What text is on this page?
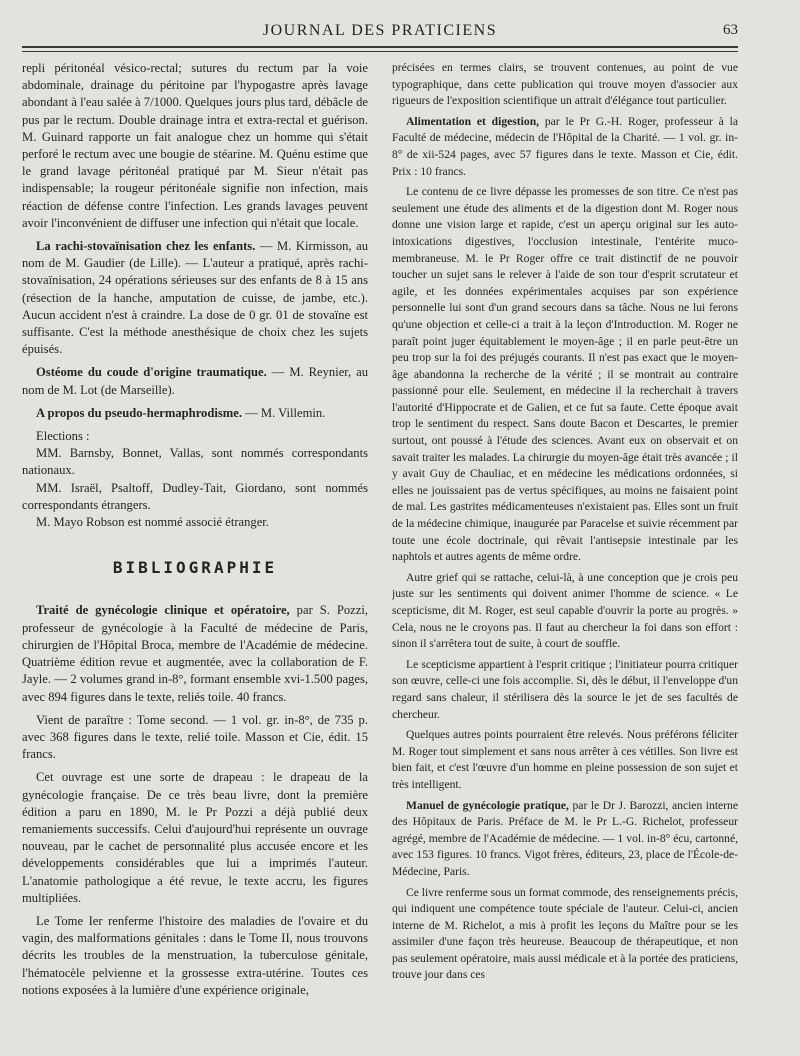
JOURNAL DES PRATICIENS	63

repli péritonéal vésico-rectal; sutures du rectum par la voie abdominale, drainage du péritoine par l'hypogastre après lavage abondant à l'eau salée à 7/1000. Quelques jours plus tard, débâcle de pus par le rectum. Double drainage intra et extra-rectal et guérison. M. Guinard rapporte un fait analogue chez un homme qui s'était perforé le rectum avec une bougie de stéarine. M. Quénu estime que le grand lavage péritonéal pratiqué par M. Sieur n'était pas indispensable; la rougeur péritonéale signifie non infection, mais réaction de défense contre l'infection. Les grands lavages peuvent avoir l'inconvénient de diffuser une infection qui n'était que locale.

La rachi-stovaïnisation chez les enfants. — M. Kirmisson, au nom de M. Gaudier (de Lille). — L'auteur a pratiqué, après rachi-stovaïnisation, 24 opérations sérieuses sur des enfants de 8 à 15 ans (résection de la hanche, amputation de cuisse, de jambe, etc.). Aucun accident n'est à craindre. La dose de 0 gr. 01 de stovaïne est suffisante. C'est la méthode anesthésique de choix chez les sujets épuisés.

Ostéome du coude d'origine traumatique. — M. Reynier, au nom de M. Lot (de Marseille).

A propos du pseudo-hermaphrodisme. — M. Villemin.

Elections :

MM. Barnsby, Bonnet, Vallas, sont nommés correspondants nationaux.

MM. Israël, Psaltoff, Dudley-Tait, Giordano, sont nommés correspondants étrangers.

M. Mayo Robson est nommé associé étranger.

BIBLIOGRAPHIE

Traité de gynécologie clinique et opératoire, par S. Pozzi, professeur de gynécologie à la Faculté de médecine de Paris, chirurgien de l'Hôpital Broca, membre de l'Académie de médecine. Quatrième édition revue et augmentée, avec la collaboration de F. Jayle. — 2 volumes grand in-8°, formant ensemble xvi-1.500 pages, avec 894 figures dans le texte, reliés toile. 40 francs.

Vient de paraître : Tome second. — 1 vol. gr. in-8°, de 735 p. avec 368 figures dans le texte, relié toile. Masson et Cie, édit. 15 francs.

Cet ouvrage est une sorte de drapeau : le drapeau de la gynécologie française. De ce très beau livre, dont la première édition a paru en 1890, M. le Pr Pozzi a déjà publié deux remaniements successifs. Celui d'aujourd'hui représente un ouvrage nouveau, par le cachet de personnalité plus accusée encore et les développements considérables que lui a imprimés l'auteur. L'anatomie pathologique a été revue, le texte accru, les figures multipliées.

Le Tome Ier renferme l'histoire des maladies de l'ovaire et du vagin, des malformations génitales : dans le Tome II, nous trouvons décrits les troubles de la menstruation, la tuberculose génitale, l'hématocèle pelvienne et la grossesse extra-utérine. Toutes ces notions exposées à la lumière d'une expérience originale,

précisées en termes clairs, se trouvent contenues, au point de vue typographique, dans cette publication qui trouve moyen d'associer aux rigueurs de l'exposition scientifique un attrait d'élégance tout particulier.

Alimentation et digestion, par le Pr G.-H. Roger, professeur à la Faculté de médecine, médecin de l'Hôpital de la Charité. — 1 vol. gr. in-8° de xii-524 pages, avec 57 figures dans le texte. Masson et Cie, édit. Prix : 10 francs.

Le contenu de ce livre dépasse les promesses de son titre. Ce n'est pas seulement une étude des aliments et de la digestion dont M. Roger nous donne une vision large et rapide, c'est un aperçu original sur les auto-intoxications digestives, l'occlusion intestinale, l'entérite muco-membraneuse. M. le Pr Roger offre ce trait distinctif de ne pouvoir toucher un sujet sans le relever à l'aide de son tour d'esprit scrutateur et agile, et les données expérimentales acquises par son expérience personnelle lui sont d'un grand secours dans sa tâche. Nous ne lui ferons qu'une objection et celle-ci a trait à la leçon d'Introduction. M. Roger ne paraît point juger équitablement le moyen-âge ; il en parle peut-être un peu trop sur la foi des préjugés courants. Il n'est pas exact que le moyen-âge abandonna la recherche de la vérité ; il se montrait au contraire passionné pour elle. Seulement, en médecine il la recherchait à travers l'autorité d'Hippocrate et de Galien, et ce fut sa faute. Cette époque avait trop le sentiment du respect. Sans doute Bacon et Descartes, le premier surtout, ont poussé à l'étude des sciences. Avant eux on observait et on savait traiter les malades. La chirurgie du moyen-âge était très avancée ; il y avait Guy de Chauliac, et en médecine les médications ordonnées, si elles ne jouissaient pas de vertus spécifiques, au moins ne faisaient point de mal. Les gastrites médicamenteuses n'existaient pas. Elles sont un fruit de la médecine chimique, inaugurée par Paracelse et suivie récemment par toute une école doctrinale, qui rêvait l'antisepsie intestinale par les naphtols et autres agents de même ordre.

Autre grief qui se rattache, celui-là, à une conception que je crois peu juste sur les sentiments qui doivent animer l'homme de science. « Le scepticisme, dit M. Roger, est seul capable d'ouvrir la porte au progrès. » Cela, nous ne le croyons pas. Il faut au chercheur la foi dans son effort : sinon il s'arrêtera tout de suite, à court de souffle.

Le scepticisme appartient à l'esprit critique ; l'initiateur pourra critiquer son œuvre, celle-ci une fois accomplie. Si, dès le début, il l'enveloppe d'un regard sans chaleur, il stérilisera dès la source le jet de ses facultés de chercheur.

Quelques autres points pourraient être relevés. Nous préférons féliciter M. Roger tout simplement et sans nous arrêter à ces vétilles. Son livre est bien fait, et c'est l'œuvre d'un homme en pleine possession de son sujet et très intelligent.

Manuel de gynécologie pratique, par le Dr J. Barozzi, ancien interne des Hôpitaux de Paris. Préface de M. le Pr L.-G. Richelot, professeur agrégé, membre de l'Académie de médecine. — 1 vol. in-8° écu, cartonné, avec 153 figures. 10 francs. Vigot frères, éditeurs, 23, place de l'École-de-Médecine, Paris.

Ce livre renferme sous un format commode, des renseignements précis, qui indiquent une compétence toute spéciale de l'auteur. Celui-ci, ancien interne de M. Richelot, a mis à profit les leçons du Maître pour se les assimiler d'une façon très heureuse. Beaucoup de thérapeutique, et non pas seulement opératoire, mais aussi médicale et à la portée des praticiens, trouve jour dans ces
